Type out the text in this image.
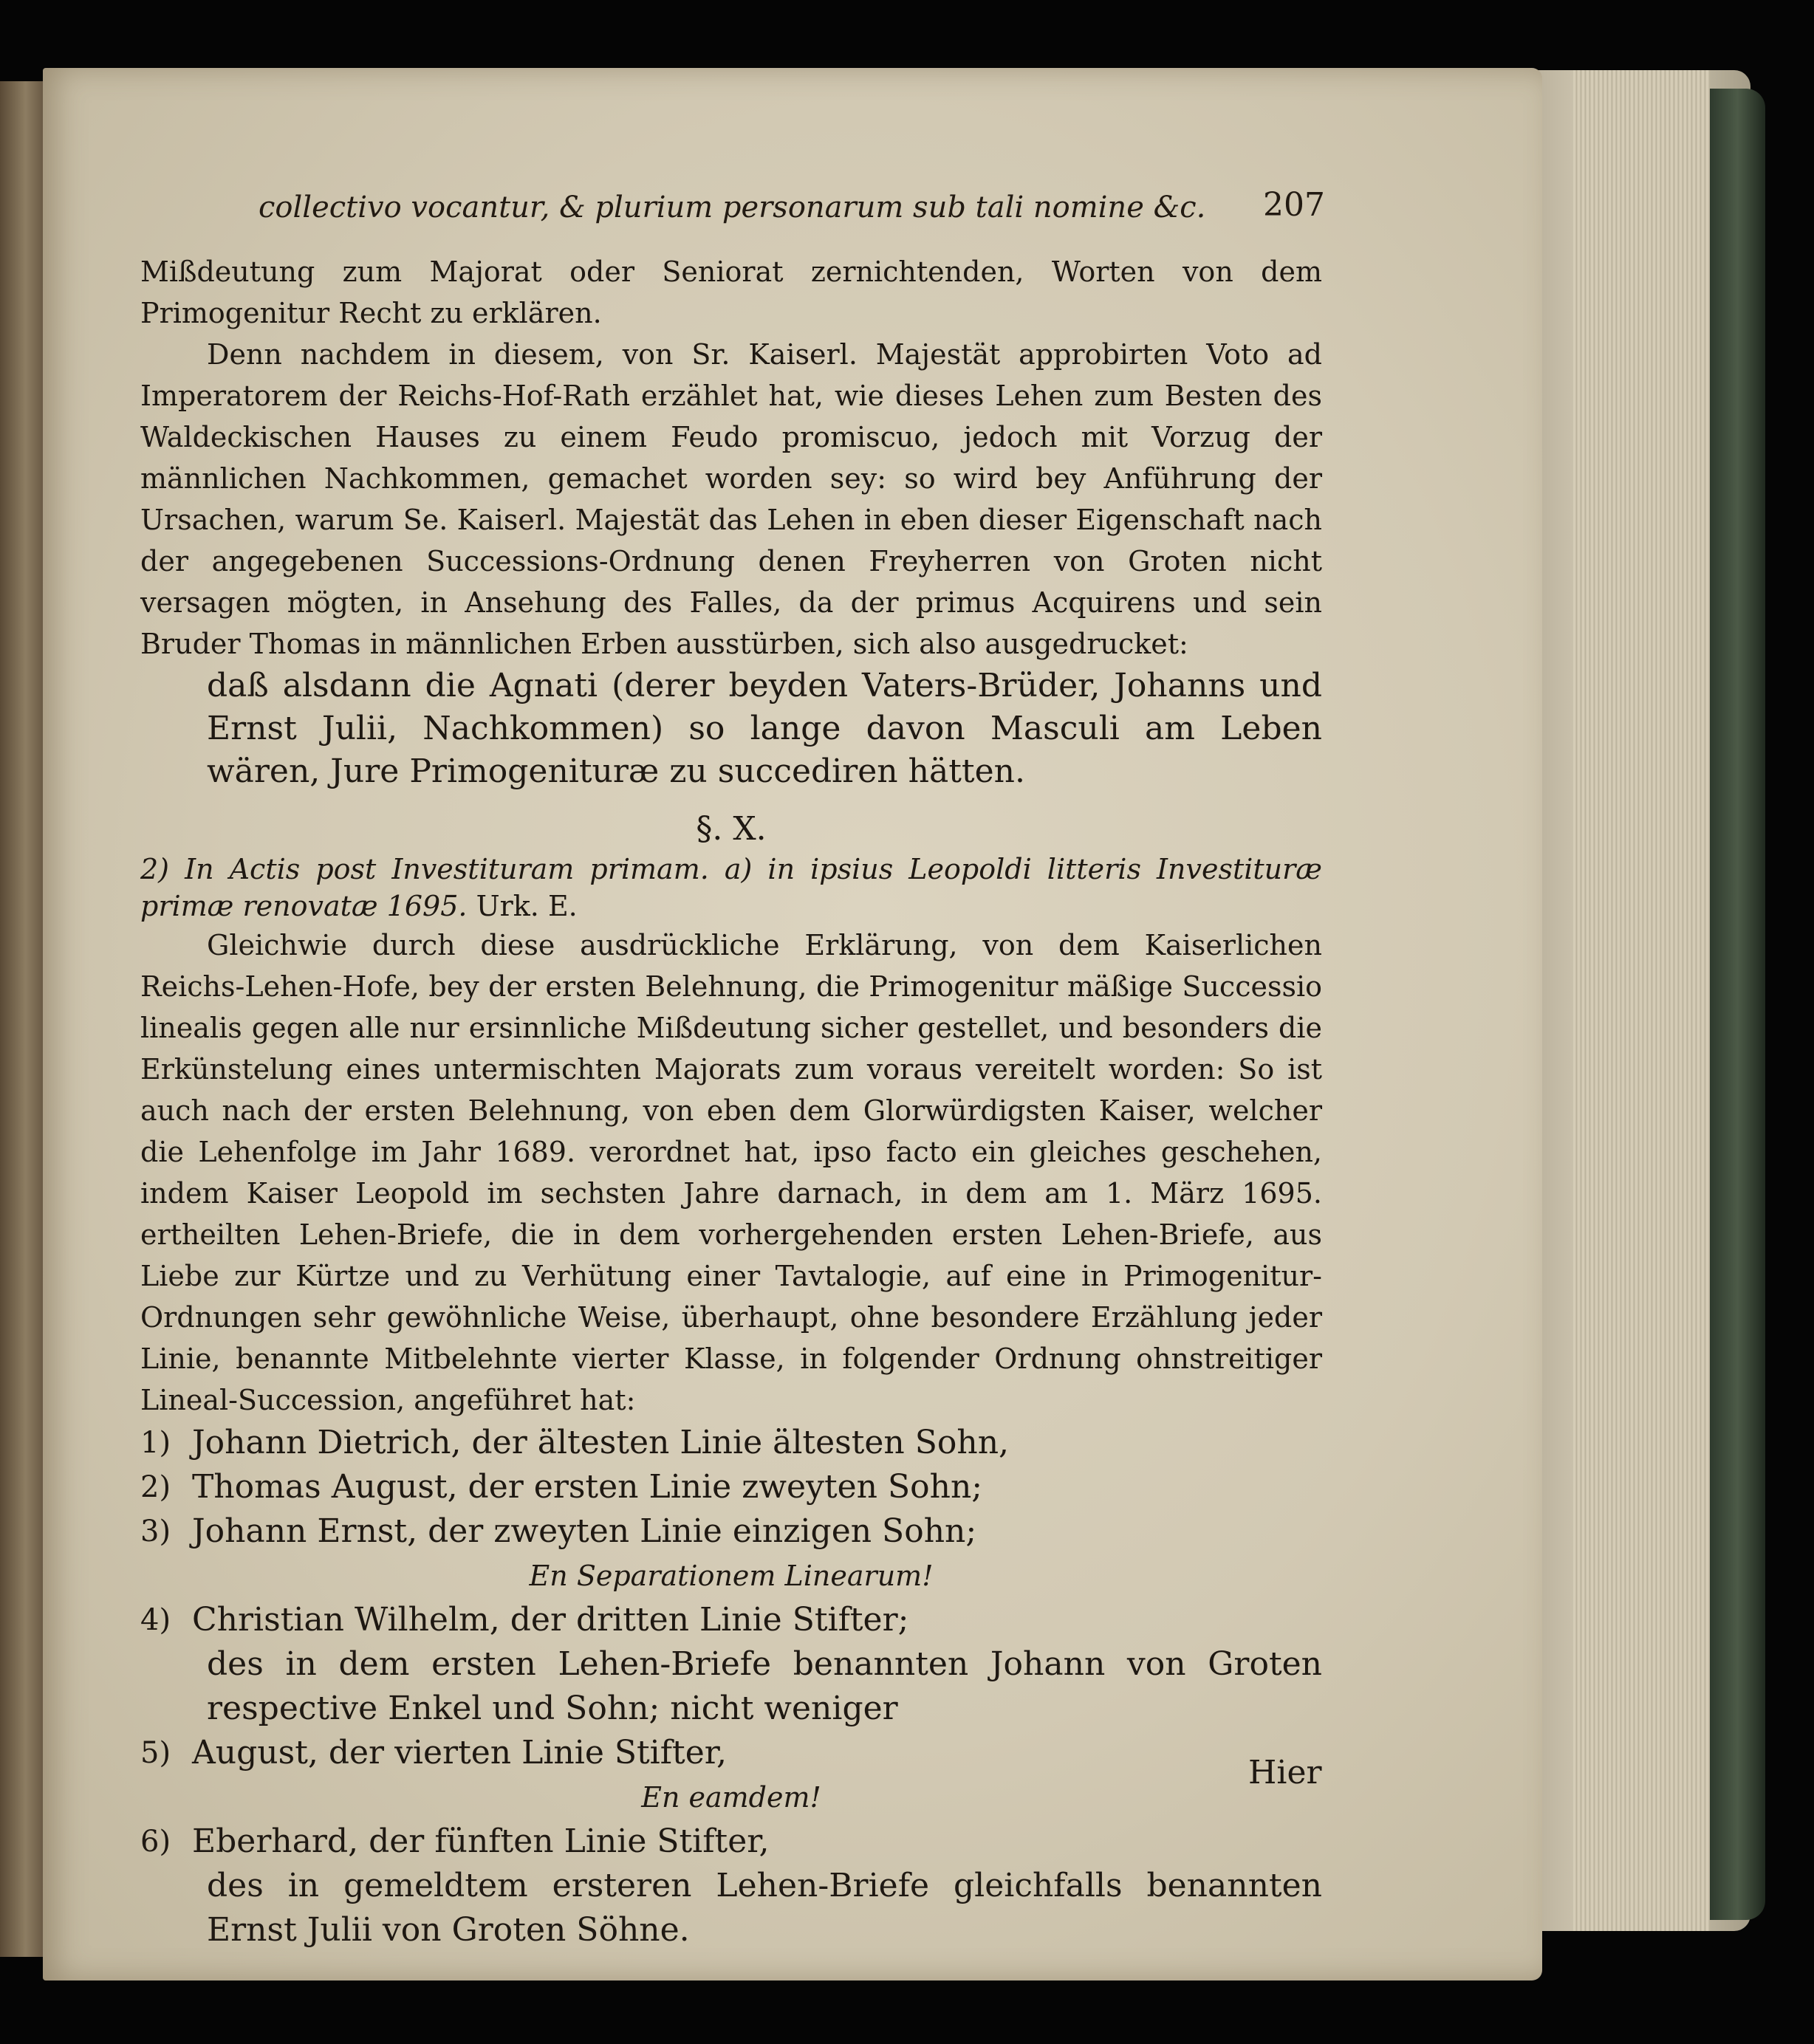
collectivo vocantur, & plurium personarum sub tali nomine &c.	207

Mißdeutung zum Majorat oder Seniorat zernichtenden, Worten von dem Primogenitur Recht zu erklären.

Denn nachdem in diesem, von Sr. Kaiserl. Majestät approbirten Voto ad Imperatorem der Reichs-Hof-Rath erzählet hat, wie dieses Lehen zum Besten des Waldeckischen Hauses zu einem Feudo promiscuo, jedoch mit Vorzug der männlichen Nachkommen, gemachet worden sey: so wird bey Anführung der Ursachen, warum Se. Kaiserl. Majestät das Lehen in eben dieser Eigenschaft nach der angegebenen Successions-Ordnung denen Freyherren von Groten nicht versagen mögten, in Ansehung des Falles, da der primus Acquirens und sein Bruder Thomas in männlichen Erben ausstürben, sich also ausgedrucket:

daß alsdann die Agnati (derer beyden Vaters-Brüder, Johanns und Ernst Julii, Nachkommen) so lange davon Masculi am Leben wären, Jure Primogenituræ zu succediren hätten.

§. X.

2) In Actis post Investituram primam. a) in ipsius Leopoldi litteris Investituræ primæ renovatæ 1695. Urk. E.

Gleichwie durch diese ausdrückliche Erklärung, von dem Kaiserlichen Reichs-Lehen-Hofe, bey der ersten Belehnung, die Primogenitur mäßige Successio linealis gegen alle nur ersinnliche Mißdeutung sicher gestellet, und besonders die Erkünstelung eines untermischten Majorats zum voraus vereitelt worden: So ist auch nach der ersten Belehnung, von eben dem Glorwürdigsten Kaiser, welcher die Lehenfolge im Jahr 1689. verordnet hat, ipso facto ein gleiches geschehen, indem Kaiser Leopold im sechsten Jahre darnach, in dem am 1. März 1695. ertheilten Lehen-Briefe, die in dem vorhergehenden ersten Lehen-Briefe, aus Liebe zur Kürtze und zu Verhütung einer Tavtalogie, auf eine in Primogenitur-Ordnungen sehr gewöhnliche Weise, überhaupt, ohne besondere Erzählung jeder Linie, benannte Mitbelehnte vierter Klasse, in folgender Ordnung ohnstreitiger Lineal-Succession, angeführet hat:

1) Johann Dietrich, der ältesten Linie ältesten Sohn,
2) Thomas August, der ersten Linie zweyten Sohn;
3) Johann Ernst, der zweyten Linie einzigen Sohn;

En Separationem Linearum!

4) Christian Wilhelm, der dritten Linie Stifter;

des in dem ersten Lehen-Briefe benannten Johann von Groten respective Enkel und Sohn; nicht weniger

5) August, der vierten Linie Stifter,

En eamdem!

6) Eberhard, der fünften Linie Stifter,

des in gemeldtem ersteren Lehen-Briefe gleichfalls benannten Ernst Julii von Groten Söhne.

Hier
